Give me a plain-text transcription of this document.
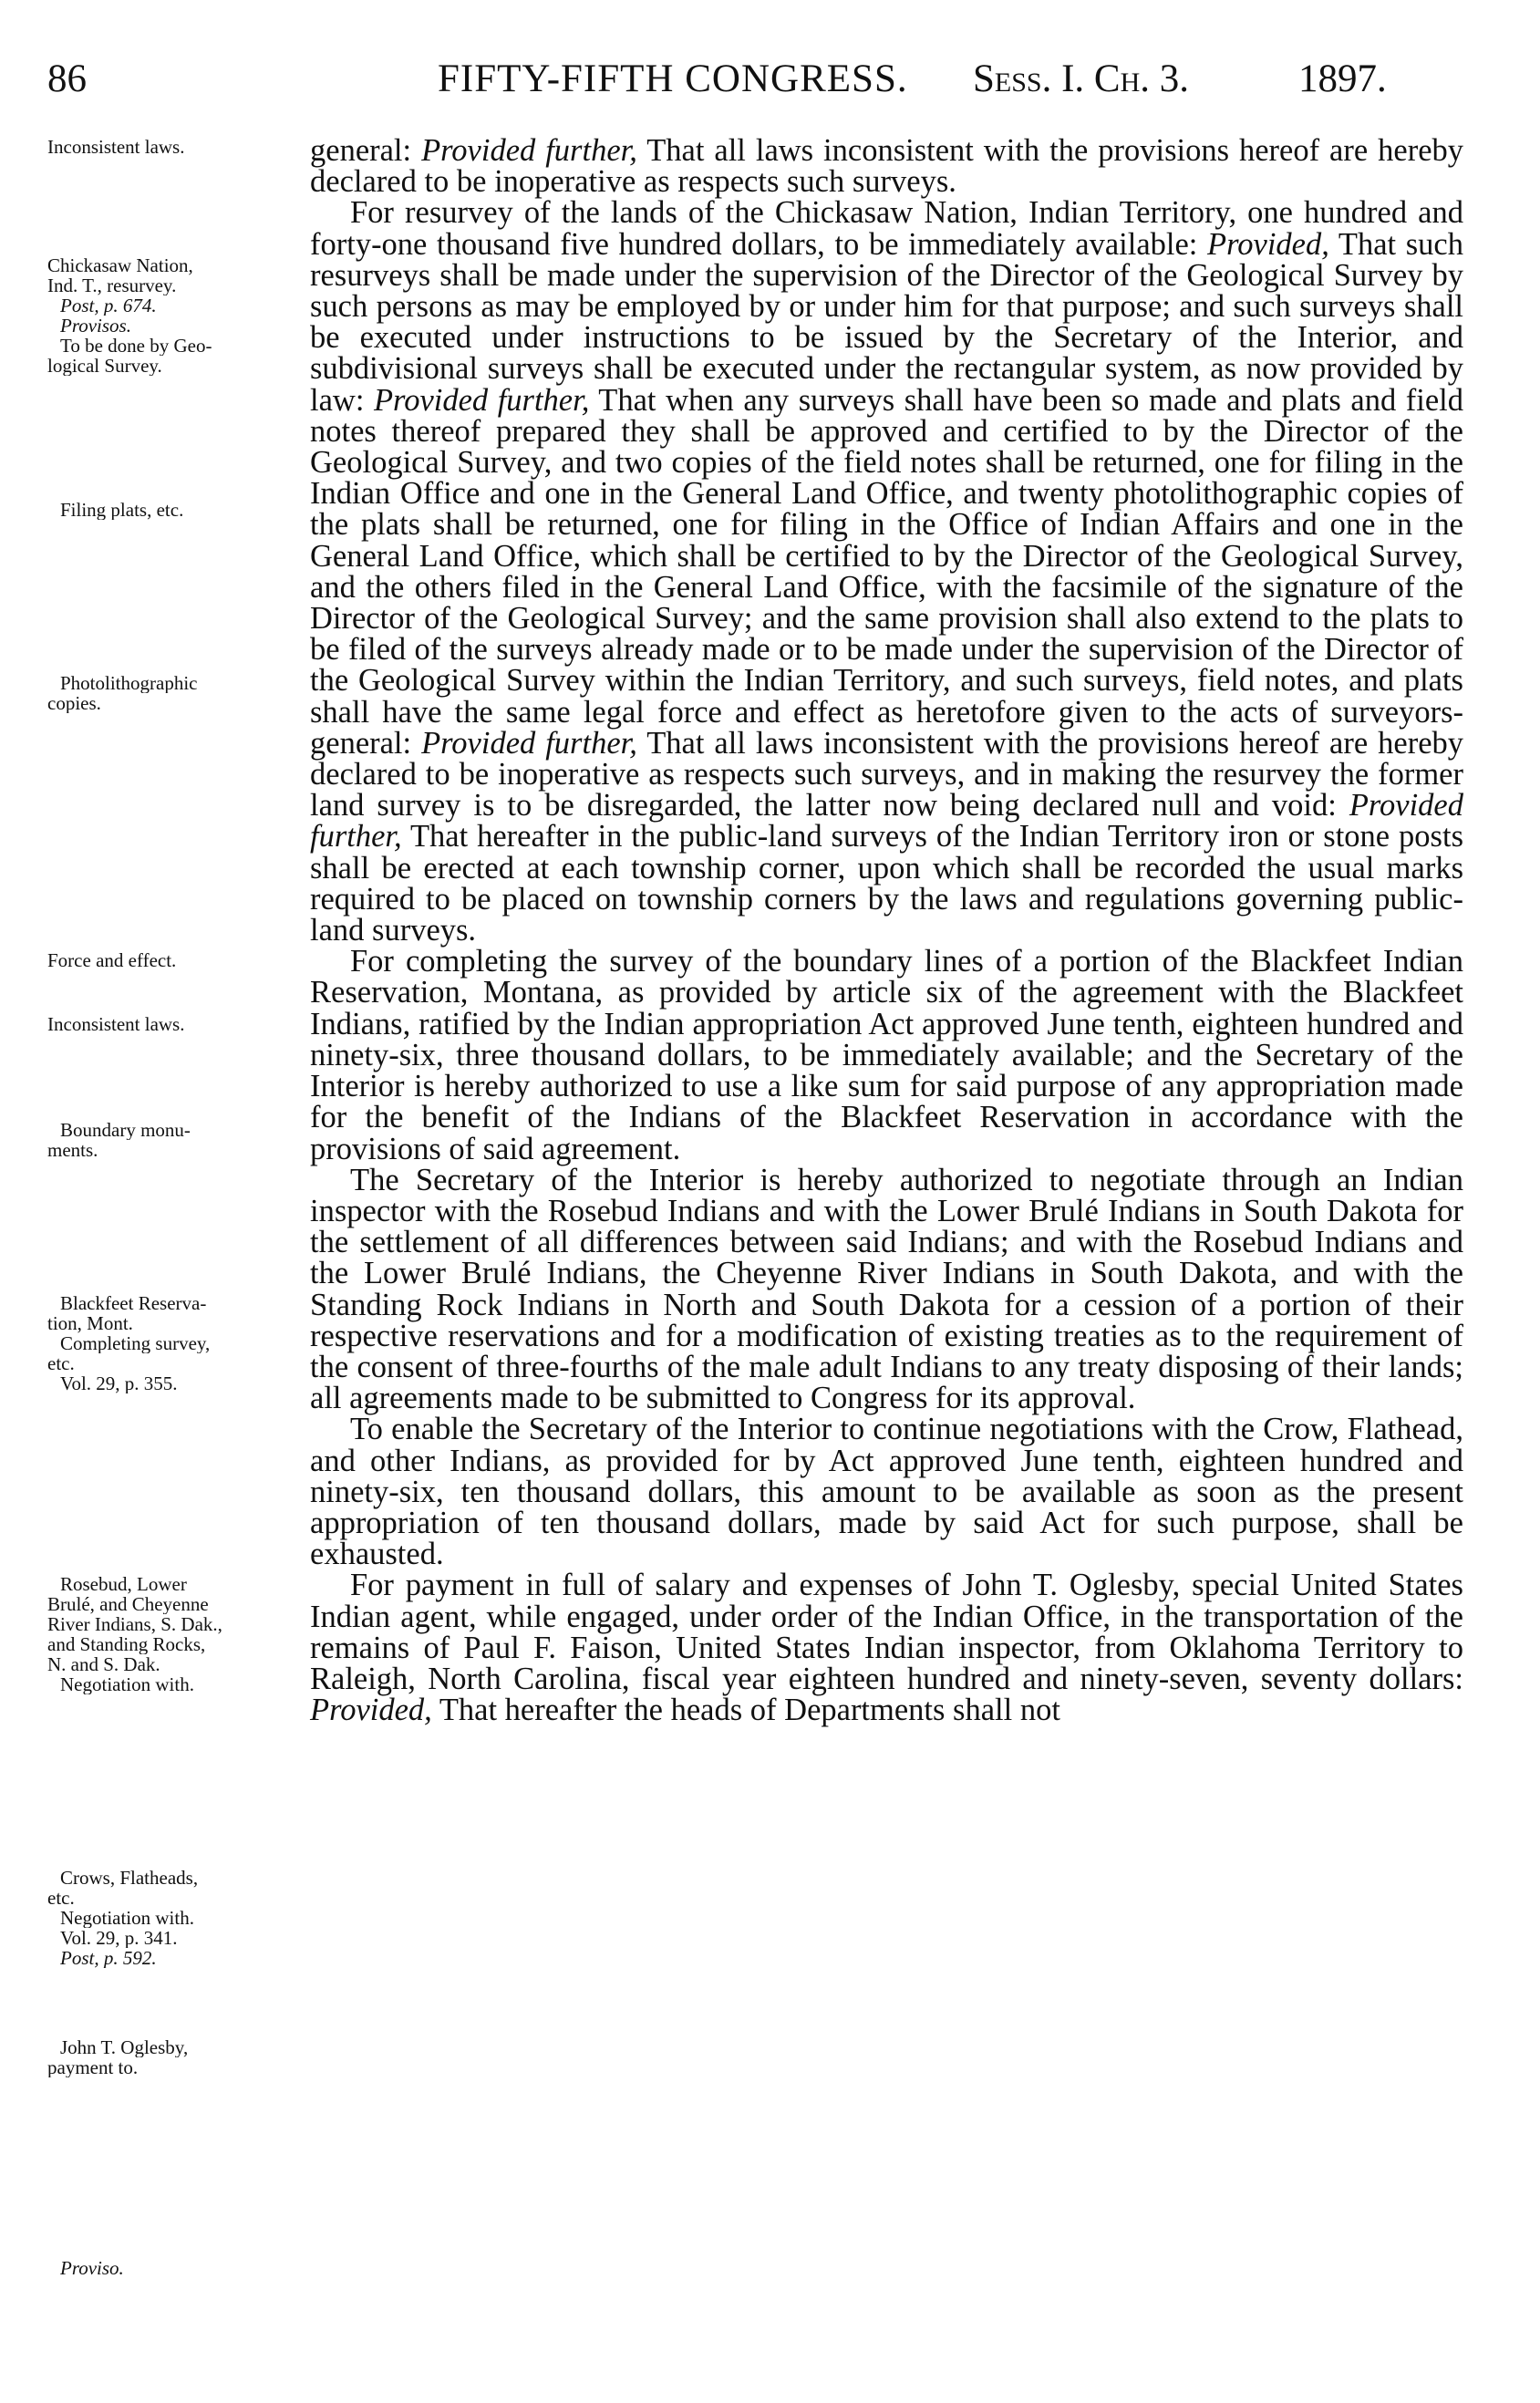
86	FIFTY-FIFTH CONGRESS. Sess. I. Ch. 3.	1897.
Inconsistent laws.
Chickasaw Nation,
Ind. T., resurvey.
Post, p. 674.
Provisos.
To be done by Geo-
logical Survey.
Filing plats, etc.
Photolithographic
copies.
Force and effect.
Inconsistent laws.
Boundary monu-
ments.
Blackfeet Reserva-
tion, Mont.
Completing survey,
etc.
Vol. 29, p. 355.
Rosebud, Lower
Brulé, and Cheyenne
River Indians, S. Dak.,
and Standing Rocks,
N. and S. Dak.
Negotiation with.
Crows, Flatheads,
etc.
Negotiation with.
Vol. 29, p. 341.
Post, p. 592.
John T. Oglesby,
payment to.
Proviso.

general: Provided further, That all laws inconsistent with the provisions hereof are hereby declared to be inoperative as respects such surveys.

For resurvey of the lands of the Chickasaw Nation, Indian Territory, one hundred and forty-one thousand five hundred dollars, to be immediately available: Provided, That such resurveys shall be made under the supervision of the Director of the Geological Survey by such persons as may be employed by or under him for that purpose; and such surveys shall be executed under instructions to be issued by the Secretary of the Interior, and subdivisional surveys shall be executed under the rectangular system, as now provided by law: Provided further, That when any surveys shall have been so made and plats and field notes thereof prepared they shall be approved and certified to by the Director of the Geological Survey, and two copies of the field notes shall be returned, one for filing in the Indian Office and one in the General Land Office, and twenty photolithographic copies of the plats shall be returned, one for filing in the Office of Indian Affairs and one in the General Land Office, which shall be certified to by the Director of the Geological Survey, and the others filed in the General Land Office, with the facsimile of the signature of the Director of the Geological Survey; and the same provision shall also extend to the plats to be filed of the surveys already made or to be made under the supervision of the Director of the Geological Survey within the Indian Territory, and such surveys, field notes, and plats shall have the same legal force and effect as heretofore given to the acts of surveyors-general: Provided further, That all laws inconsistent with the provisions hereof are hereby declared to be inoperative as respects such surveys, and in making the resurvey the former land survey is to be disregarded, the latter now being declared null and void: Provided further, That hereafter in the public-land surveys of the Indian Territory iron or stone posts shall be erected at each township corner, upon which shall be recorded the usual marks required to be placed on township corners by the laws and regulations governing public-land surveys.

For completing the survey of the boundary lines of a portion of the Blackfeet Indian Reservation, Montana, as provided by article six of the agreement with the Blackfeet Indians, ratified by the Indian appropriation Act approved June tenth, eighteen hundred and ninety-six, three thousand dollars, to be immediately available; and the Secretary of the Interior is hereby authorized to use a like sum for said purpose of any appropriation made for the benefit of the Indians of the Blackfeet Reservation in accordance with the provisions of said agreement.

The Secretary of the Interior is hereby authorized to negotiate through an Indian inspector with the Rosebud Indians and with the Lower Brulé Indians in South Dakota for the settlement of all differences between said Indians; and with the Rosebud Indians and the Lower Brulé Indians, the Cheyenne River Indians in South Dakota, and with the Standing Rock Indians in North and South Dakota for a cession of a portion of their respective reservations and for a modification of existing treaties as to the requirement of the consent of three-fourths of the male adult Indians to any treaty disposing of their lands; all agreements made to be submitted to Congress for its approval.

To enable the Secretary of the Interior to continue negotiations with the Crow, Flathead, and other Indians, as provided for by Act approved June tenth, eighteen hundred and ninety-six, ten thousand dollars, this amount to be available as soon as the present appropriation of ten thousand dollars, made by said Act for such purpose, shall be exhausted.

For payment in full of salary and expenses of John T. Oglesby, special United States Indian agent, while engaged, under order of the Indian Office, in the transportation of the remains of Paul F. Faison, United States Indian inspector, from Oklahoma Territory to Raleigh, North Carolina, fiscal year eighteen hundred and ninety-seven, seventy dollars: Provided, That hereafter the heads of Departments shall not
